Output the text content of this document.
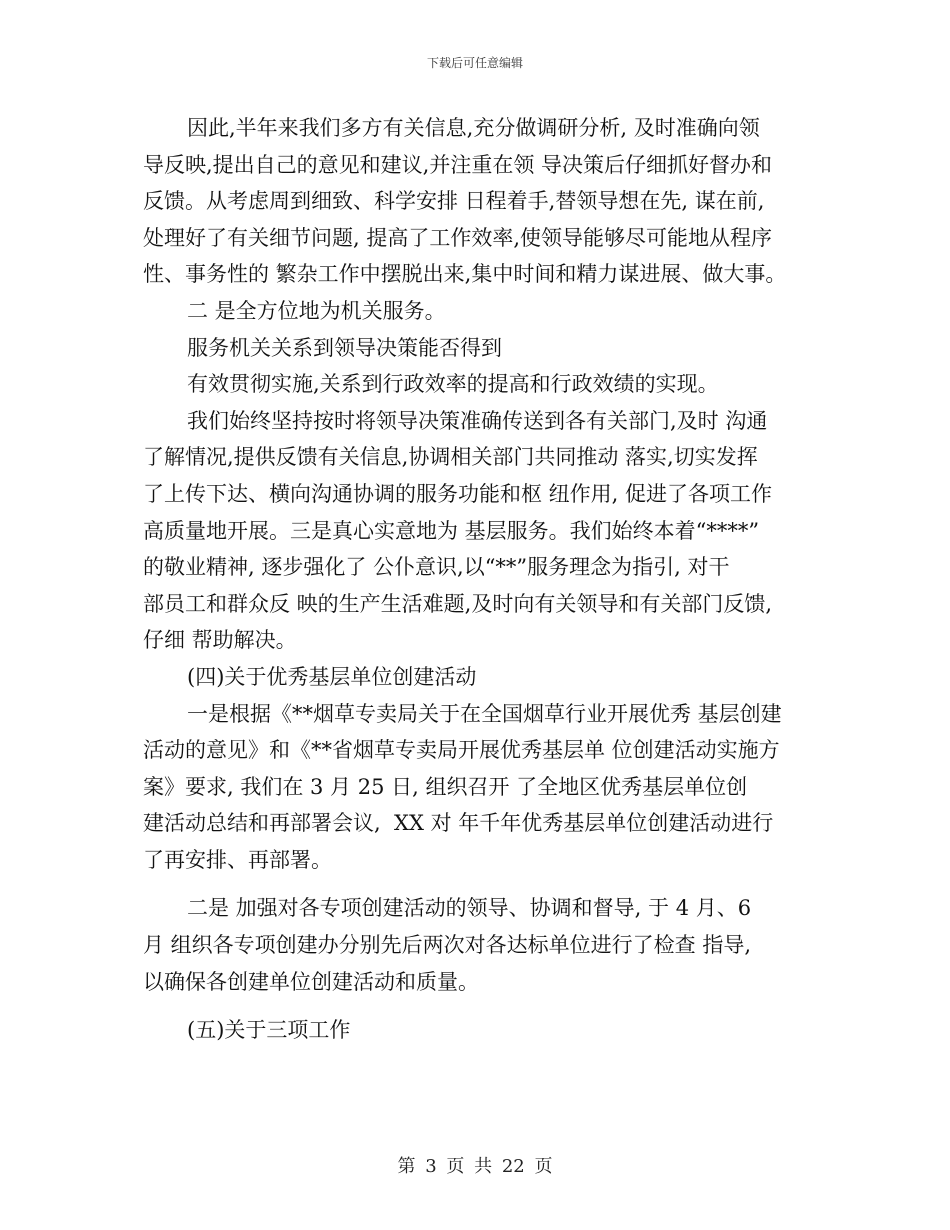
下载后可任意编辑
因此,半年来我们多方有关信息,充分做调研分析, 及时准确向领
导反映,提出自己的意见和建议,并注重在领 导决策后仔细抓好督办和
反馈。从考虑周到细致、科学安排 日程着手,替领导想在先, 谋在前,
处理好了有关细节问题, 提高了工作效率,使领导能够尽可能地从程序
性、事务性的 繁杂工作中摆脱出来,集中时间和精力谋进展、做大事。
二 是全方位地为机关服务。
服务机关关系到领导决策能否得到
有效贯彻实施,关系到行政效率的提高和行政效绩的实现。
我们始终坚持按时将领导决策准确传送到各有关部门,及时 沟通
了解情况,提供反馈有关信息,协调相关部门共同推动 落实,切实发挥
了上传下达、横向沟通协调的服务功能和枢 纽作用, 促进了各项工作
高质量地开展。三是真心实意地为 基层服务。我们始终本着“****”
的敬业精神, 逐步强化了 公仆意识,以“**”服务理念为指引, 对干
部员工和群众反 映的生产生活难题,及时向有关领导和有关部门反馈,
仔细 帮助解决。
(四)关于优秀基层单位创建活动
一是根据《**烟草专卖局关于在全国烟草行业开展优秀 基层创建
活动的意见》和《**省烟草专卖局开展优秀基层单 位创建活动实施方
案》要求, 我们在 3 月 25 日, 组织召开 了全地区优秀基层单位创
建活动总结和再部署会议,  XX 对 年千年优秀基层单位创建活动进行
了再安排、再部署。
二是 加强对各专项创建活动的领导、协调和督导, 于 4 月、6
月 组织各专项创建办分别先后两次对各达标单位进行了检查 指导,
以确保各创建单位创建活动和质量。
(五)关于三项工作
第 3 页 共 22 页
